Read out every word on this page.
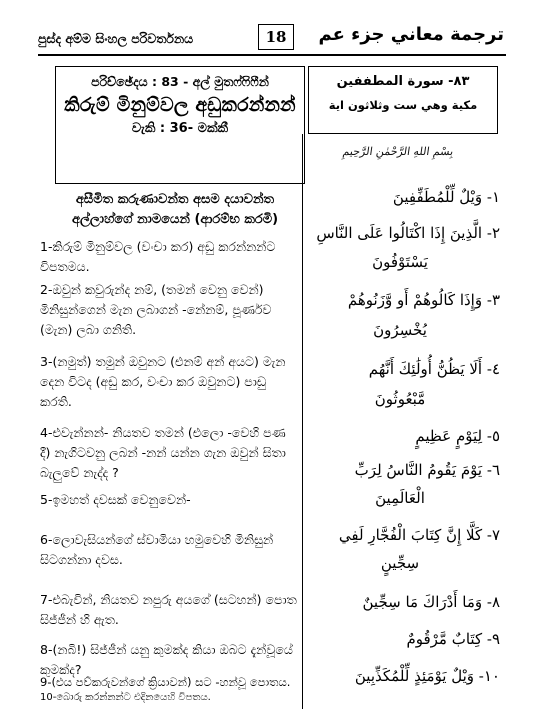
පුස්ද අම්ම සිංහල පරිවර්තනය	18	ترجمة معاني جزء عم
පරිච්ඡේදය : 83 - අල් මුතෆ්ෆිෆීන්
කිරුම් මිනුම්වල අඩුකරන්නන්
වැකි : 36- මක්කී
٨٣- سورة المطففين
مكية وهي ست وثلاثون اية
අසීමිත කරුණාවන්ත අසම දයාවන්ත අල්ලාහ්ගේ නාමයෙන් (ආරම්භ කරමි)
بِسْمِ اللهِ الرَّحْمٰنِ الرَّحِيمِ
1-කිරුම් මිනුම්වල (වංචා කර) අඩු කරන්නන්ට විපතමය.
2-ඔවුන් කවුරුන්ද නම්, (තමන් වෙනු වෙන්) මිනිසුන්ගෙන් මැන ලබාගන් -නේනම්, පූර්ණව (මැන) ලබා ගනිති.
3-(නමුත්) තමුන් ඔවුනට (එනම් අන් අයට) මැන දෙන විටද (අඩු කර, වංචා කර ඔවුනට) පාඩු කරති.
4-එවැන්නන්- නියතව තමන් (එලො -වෙහි පණ දී) නැගිටවනු ලබන් -නන් යන්න ගැන ඔවුන් සිතා බැලුවේ නැද්ද ?
5-ඉමහත් දවසක් වෙනුවෙන්-
6-ලොවැසියන්ගේ ස්වාමියා හමුවෙහි මිනිසුන් සිටගන්නා දවස.
7-එබැවින්, නියතව නපුරු අයගේ (සටහන්) පොත සිජ්ජීන් හි ඇත.
8-(නබි!) සිජ්ජීන් යනු කුමක්ද කියා ඔබට දැන්වූයේ කුමක්ද?
9-(එය පව්කරුවන්ගේ ක්‍රියාවන්) සට -හන්වූ පොතය.
10-බොරු කරන්නන්ට එදිනයෙහි විපතය.
١- وَيْلٌ لِّلْمُطَفِّفِينَ
٢- الَّذِينَ إِذَا اكْتَالُوا عَلَى النَّاسِ
يَسْتَوْفُونَ
٣- وَإِذَا كَالُوهُمْ أَو وَّزَنُوهُمْ
يُخْسِرُونَ
٤- أَلَا يَظُنُّ أُولَٰئِكَ أَنَّهُم
مَّبْعُوثُونَ
٥- لِيَوْمٍ عَظِيمٍ
٦- يَوْمَ يَقُومُ النَّاسُ لِرَبِّ
الْعَالَمِينَ
٧- كَلَّا إِنَّ كِتَابَ الْفُجَّارِ لَفِي
سِجِّينٍ
٨- وَمَا أَدْرَاكَ مَا سِجِّينٌ
٩- كِتَابٌ مَّرْقُومٌ
١٠- وَيْلٌ يَوْمَئِذٍ لِّلْمُكَذِّبِينَ
